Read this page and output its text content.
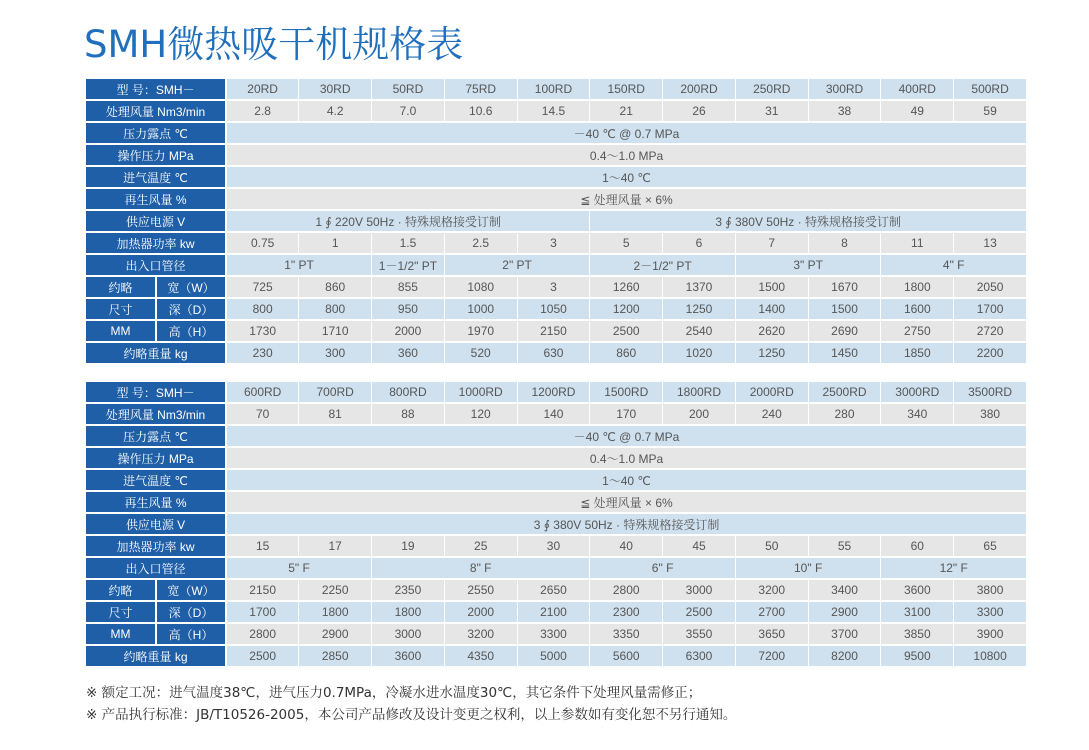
SMH微热吸干机规格表
型 号：SMH－		20RD	30RD	50RD	75RD	100RD	150RD	200RD	250RD	300RD	400RD	500RD
处理风量 Nm3/min		2.8	4.2	7.0	10.6	14.5	21	26	31	38	49	59
压力露点 ℃		－40 ℃ @ 0.7 MPa										
操作压力 MPa		0.4～1.0 MPa										
进气温度 ℃		1～40 ℃										
再生风量 %		≦ 处理风量 × 6%										
供应电源 V		1 ∮ 220V 50Hz · 特殊规格接受订制					3 ∮ 380V 50Hz · 特殊规格接受订制					
加热器功率 kw		0.75	1	1.5	2.5	3	5	6	7	8	11	13
出入口管径		1" PT		1－1/2" PT	2" PT		2－1/2" PT		3" PT		4" F	
约略	宽（W）	725	860	855	1080	3	1260	1370	1500	1670	1800	2050
尺寸	深（D）	800	800	950	1000	1050	1200	1250	1400	1500	1600	1700
MM	高（H）	1730	1710	2000	1970	2150	2500	2540	2620	2690	2750	2720
约略重量 kg		230	300	360	520	630	860	1020	1250	1450	1850	2200
型 号：SMH－		600RD	700RD	800RD	1000RD	1200RD	1500RD	1800RD	2000RD	2500RD	3000RD	3500RD
处理风量 Nm3/min		70	81	88	120	140	170	200	240	280	340	380
压力露点 ℃		－40 ℃ @ 0.7 MPa										
操作压力 MPa		0.4～1.0 MPa										
进气温度 ℃		1～40 ℃										
再生风量 %		≦ 处理风量 × 6%										
供应电源 V		3 ∮ 380V 50Hz · 特殊规格接受订制										
加热器功率 kw		15	17	19	25	30	40	45	50	55	60	65
出入口管径		5" F		8" F			6" F		10" F		12" F	
约略	宽（W）	2150	2250	2350	2550	2650	2800	3000	3200	3400	3600	3800
尺寸	深（D）	1700	1800	1800	2000	2100	2300	2500	2700	2900	3100	3300
MM	高（H）	2800	2900	3000	3200	3300	3350	3550	3650	3700	3850	3900
约略重量 kg		2500	2850	3600	4350	5000	5600	6300	7200	8200	9500	10800
※ 额定工况：进气温度38℃，进气压力0.7MPa，冷凝水进水温度30℃，其它条件下处理风量需修正；
※ 产品执行标准：JB/T10526-2005，本公司产品修改及设计变更之权利，以上参数如有变化恕不另行通知。
